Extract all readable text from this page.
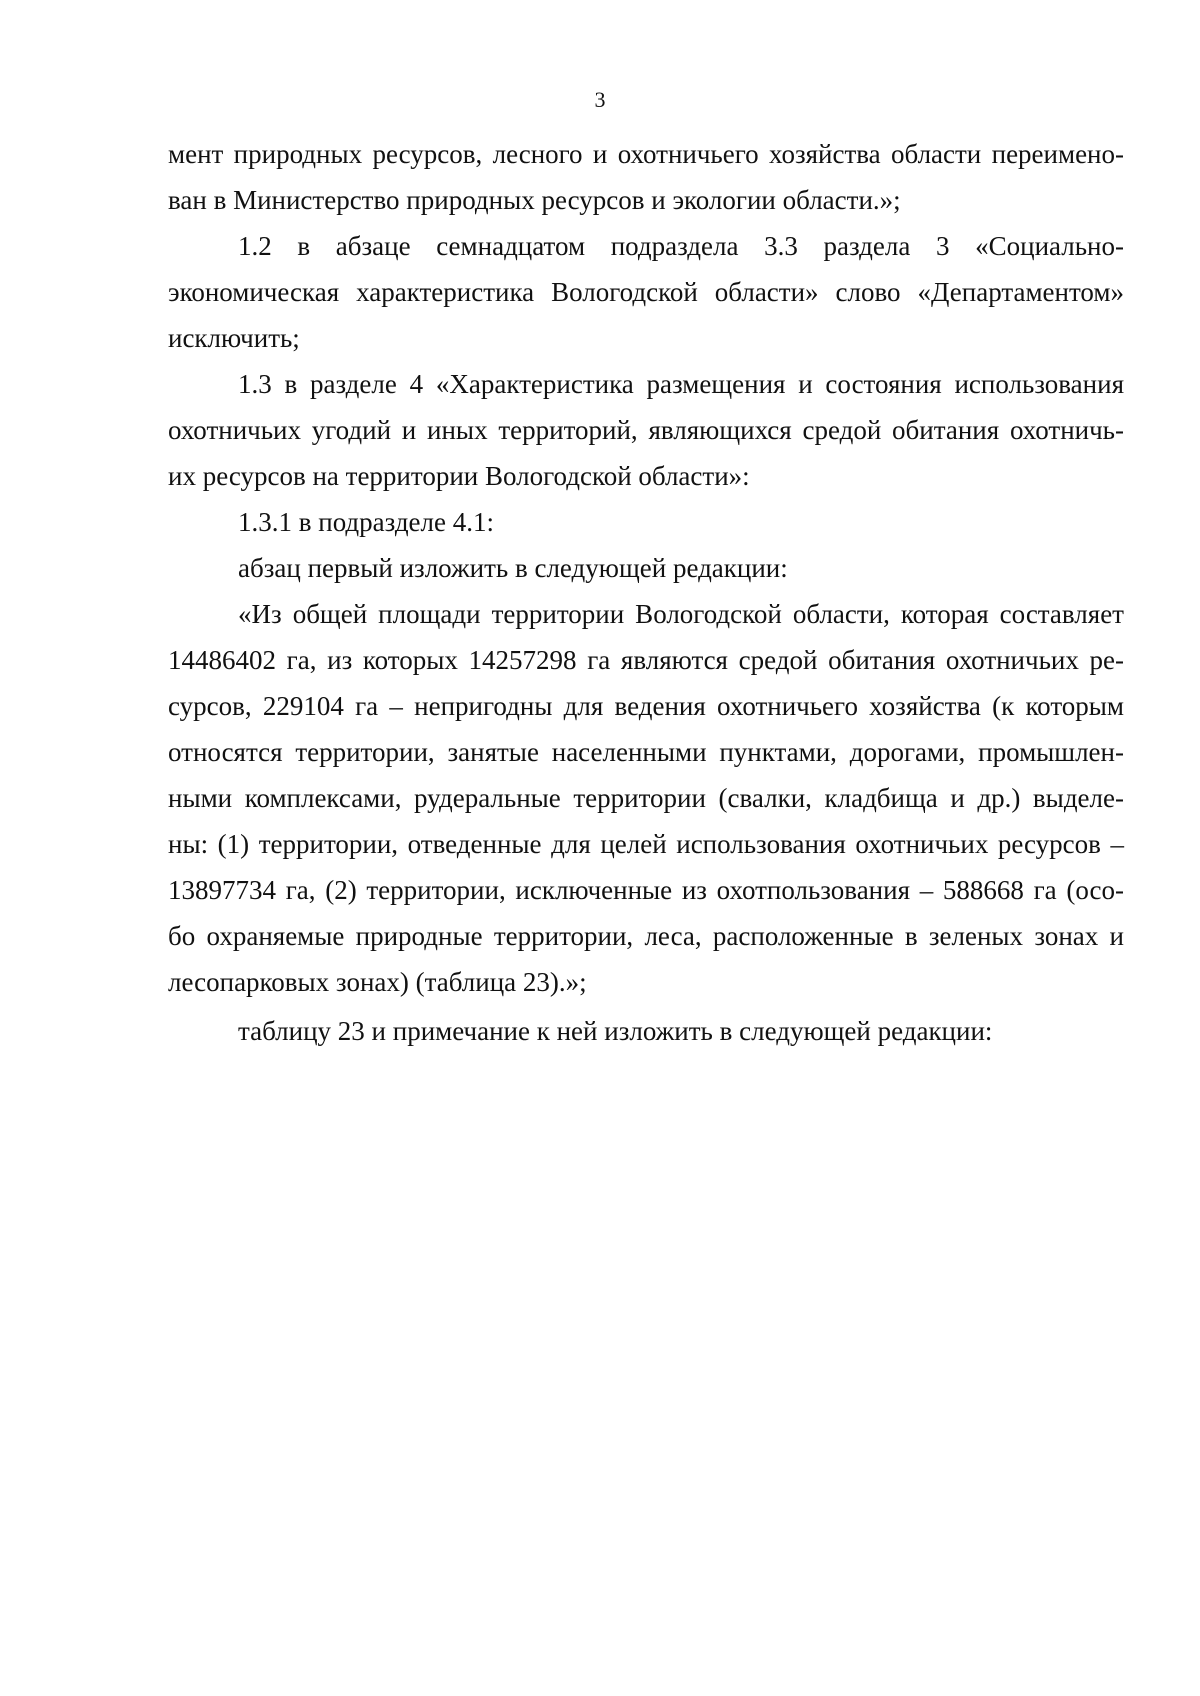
3
мент природных ресурсов, лесного и охотничьего хозяйства области переимено-
ван в Министерство природных ресурсов и экологии области.»;
1.2 в абзаце семнадцатом подраздела 3.3 раздела 3 «Социально-
экономическая характеристика Вологодской области» слово «Департаментом»
исключить;
1.3 в разделе 4 «Характеристика размещения и состояния использования
охотничьих угодий и иных территорий, являющихся средой обитания охотничь-
их ресурсов на территории Вологодской области»:
1.3.1 в подразделе 4.1:
абзац первый изложить в следующей редакции:
«Из общей площади территории Вологодской области, которая составляет
14486402 га, из которых 14257298 га являются средой обитания охотничьих ре-
сурсов, 229104 га – непригодны для ведения охотничьего хозяйства (к которым
относятся территории, занятые населенными пунктами, дорогами, промышлен-
ными комплексами, рудеральные территории (свалки, кладбища и др.) выделе-
ны: (1) территории, отведенные для целей использования охотничьих ресурсов –
13897734 га, (2) территории, исключенные из охотпользования – 588668 га (осо-
бо охраняемые природные территории, леса, расположенные в зеленых зонах и
лесопарковых зонах) (таблица 23).»;
таблицу 23 и примечание к ней изложить в следующей редакции:
